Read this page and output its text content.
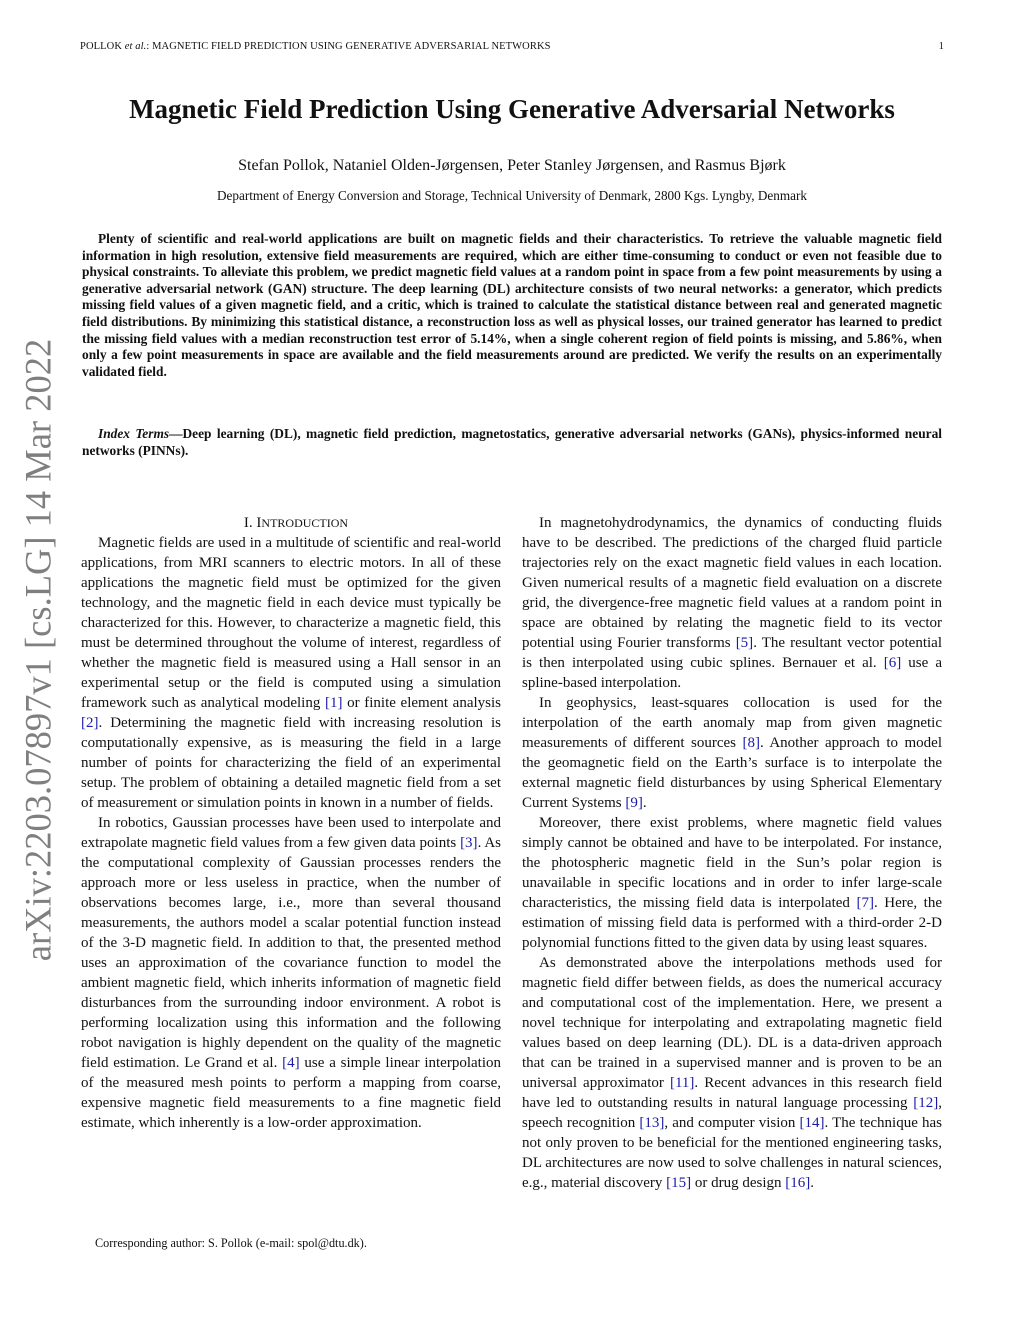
POLLOK et al.: MAGNETIC FIELD PREDICTION USING GENERATIVE ADVERSARIAL NETWORKS	1
arXiv:2203.07897v1 [cs.LG] 14 Mar 2022
Magnetic Field Prediction Using Generative Adversarial Networks
Stefan Pollok, Nataniel Olden-Jørgensen, Peter Stanley Jørgensen, and Rasmus Bjørk
Department of Energy Conversion and Storage, Technical University of Denmark, 2800 Kgs. Lyngby, Denmark

Plenty of scientific and real-world applications are built on magnetic fields and their characteristics. To retrieve the valuable magnetic field information in high resolution, extensive field measurements are required, which are either time-consuming to conduct or even not feasible due to physical constraints. To alleviate this problem, we predict magnetic field values at a random point in space from a few point measurements by using a generative adversarial network (GAN) structure. The deep learning (DL) architecture consists of two neural networks: a generator, which predicts missing field values of a given magnetic field, and a critic, which is trained to calculate the statistical distance between real and generated magnetic field distributions. By minimizing this statistical distance, a reconstruction loss as well as physical losses, our trained generator has learned to predict the missing field values with a median reconstruction test error of 5.14%, when a single coherent region of field points is missing, and 5.86%, when only a few point measurements in space are available and the field measurements around are predicted. We verify the results on an experimentally validated field.

Index Terms—Deep learning (DL), magnetic field prediction, magnetostatics, generative adversarial networks (GANs), physics-informed neural networks (PINNs).

I. INTRODUCTION

Magnetic fields are used in a multitude of scientific and real-world applications, from MRI scanners to electric motors. In all of these applications the magnetic field must be optimized for the given technology, and the magnetic field in each device must typically be characterized for this. However, to characterize a magnetic field, this must be determined throughout the volume of interest, regardless of whether the magnetic field is measured using a Hall sensor in an experimental setup or the field is computed using a simulation framework such as analytical modeling [1] or finite element analysis [2]. Determining the magnetic field with increasing resolution is computationally expensive, as is measuring the field in a large number of points for characterizing the field of an experimental setup. The problem of obtaining a detailed magnetic field from a set of measurement or simulation points in known in a number of fields.

In robotics, Gaussian processes have been used to interpolate and extrapolate magnetic field values from a few given data points [3]. As the computational complexity of Gaussian processes renders the approach more or less useless in practice, when the number of observations becomes large, i.e., more than several thousand measurements, the authors model a scalar potential function instead of the 3-D magnetic field. In addition to that, the presented method uses an approximation of the covariance function to model the ambient magnetic field, which inherits information of magnetic field disturbances from the surrounding indoor environment. A robot is performing localization using this information and the following robot navigation is highly dependent on the quality of the magnetic field estimation. Le Grand et al. [4] use a simple linear interpolation of the measured mesh points to perform a mapping from coarse, expensive magnetic field measurements to a fine magnetic field estimate, which inherently is a low-order approximation.

In magnetohydrodynamics, the dynamics of conducting fluids have to be described. The predictions of the charged fluid particle trajectories rely on the exact magnetic field values in each location. Given numerical results of a magnetic field evaluation on a discrete grid, the divergence-free magnetic field values at a random point in space are obtained by relating the magnetic field to its vector potential using Fourier transforms [5]. The resultant vector potential is then interpolated using cubic splines. Bernauer et al. [6] use a spline-based interpolation.

In geophysics, least-squares collocation is used for the interpolation of the earth anomaly map from given magnetic measurements of different sources [8]. Another approach to model the geomagnetic field on the Earth’s surface is to interpolate the external magnetic field disturbances by using Spherical Elementary Current Systems [9].

Moreover, there exist problems, where magnetic field values simply cannot be obtained and have to be interpolated. For instance, the photospheric magnetic field in the Sun’s polar region is unavailable in specific locations and in order to infer large-scale characteristics, the missing field data is interpolated [7]. Here, the estimation of missing field data is performed with a third-order 2-D polynomial functions fitted to the given data by using least squares.

As demonstrated above the interpolations methods used for magnetic field differ between fields, as does the numerical accuracy and computational cost of the implementation. Here, we present a novel technique for interpolating and extrapolating magnetic field values based on deep learning (DL). DL is a data-driven approach that can be trained in a supervised manner and is proven to be an universal approximator [11]. Recent advances in this research field have led to outstanding results in natural language processing [12], speech recognition [13], and computer vision [14]. The technique has not only proven to be beneficial for the mentioned engineering tasks, DL architectures are now used to solve challenges in natural sciences, e.g., material discovery [15] or drug design [16].

Corresponding author: S. Pollok (e-mail: spol@dtu.dk).
